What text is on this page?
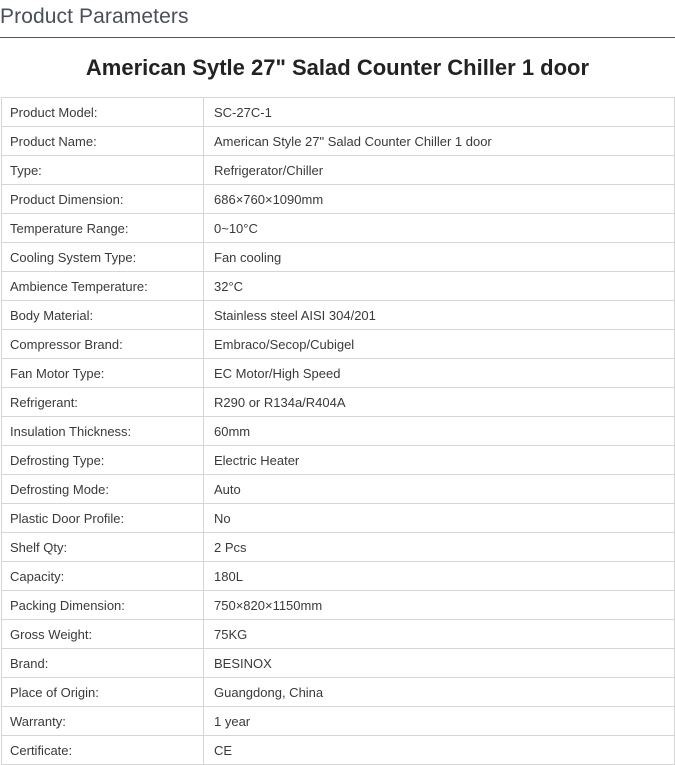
Product Parameters
American Sytle 27" Salad Counter Chiller 1 door
Product Model:	SC-27C-1
Product Name:	American Style 27" Salad Counter Chiller 1 door
Type:	Refrigerator/Chiller
Product Dimension:	686×760×1090mm
Temperature Range:	0~10°C
Cooling System Type:	Fan cooling
Ambience Temperature:	32°C
Body Material:	Stainless steel AISI 304/201
Compressor Brand:	Embraco/Secop/Cubigel
Fan Motor Type:	EC Motor/High Speed
Refrigerant:	R290 or R134a/R404A
Insulation Thickness:	60mm
Defrosting Type:	Electric Heater
Defrosting Mode:	Auto
Plastic Door Profile:	No
Shelf Qty:	2 Pcs
Capacity:	180L
Packing Dimension:	750×820×1150mm
Gross Weight:	75KG
Brand:	BESINOX
Place of Origin:	Guangdong, China
Warranty:	1 year
Certificate:	CE
